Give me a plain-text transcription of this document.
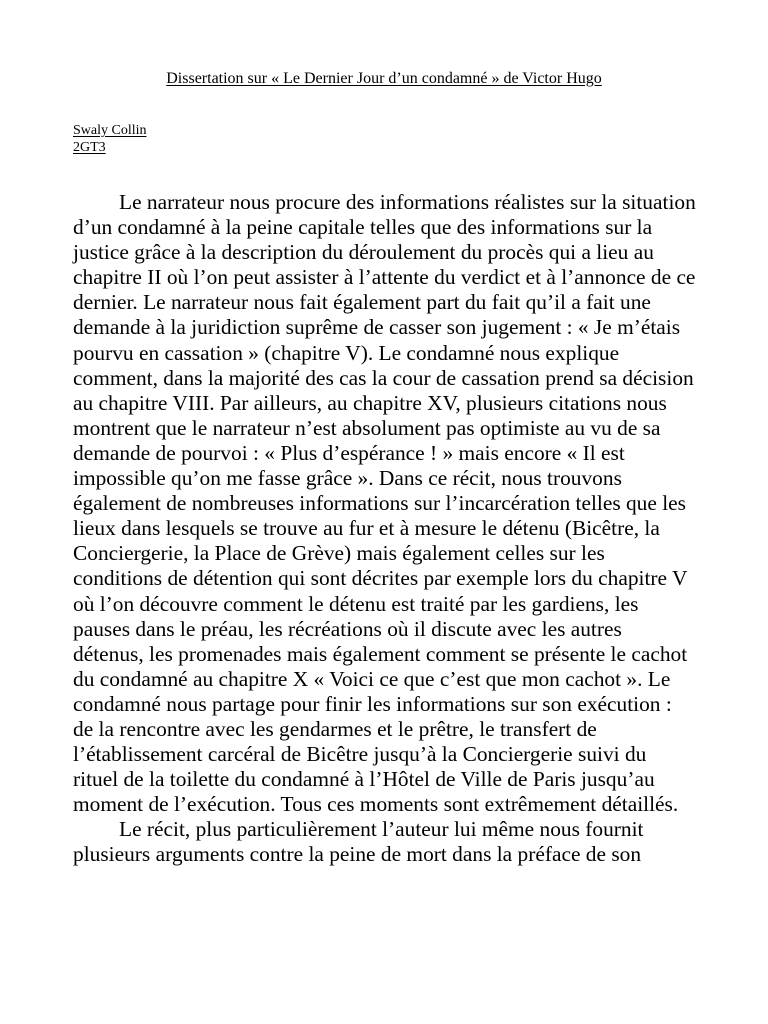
Dissertation sur « Le Dernier Jour d’un condamné » de Victor Hugo
Swaly Collin
2GT3

Le narrateur nous procure des informations réalistes sur la situation d’un condamné à la peine capitale telles que des informations sur la justice grâce à la description du déroulement du procès qui a lieu au chapitre II où l’on peut assister à l’attente du verdict et à l’annonce de ce dernier. Le narrateur nous fait également part du fait qu’il a fait une demande à la juridiction suprême de casser son jugement : « Je m’étais pourvu en cassation » (chapitre V). Le condamné nous explique comment, dans la majorité des cas la cour de cassation prend sa décision au chapitre VIII. Par ailleurs, au chapitre XV, plusieurs citations nous montrent que le narrateur n’est absolument pas optimiste au vu de sa demande de pourvoi : « Plus d’espérance ! » mais encore « Il est impossible qu’on me fasse grâce ». Dans ce récit, nous trouvons également de nombreuses informations sur l’incarcération telles que les lieux dans lesquels se trouve au fur et à mesure le détenu (Bicêtre, la Conciergerie, la Place de Grève) mais également celles sur les conditions de détention qui sont décrites par exemple lors du chapitre V où l’on découvre comment le détenu est traité par les gardiens, les pauses dans le préau, les récréations où il discute avec les autres détenus, les promenades mais également comment se présente le cachot du condamné au chapitre X « Voici ce que c’est que mon cachot ». Le condamné nous partage pour finir les informations sur son exécution : de la rencontre avec les gendarmes et le prêtre, le transfert de l’établissement carcéral de Bicêtre jusqu’à la Conciergerie suivi du rituel de la toilette du condamné à l’Hôtel de Ville de Paris jusqu’au moment de l’exécution. Tous ces moments sont extrêmement détaillés.

Le récit, plus particulièrement l’auteur lui même nous fournit plusieurs arguments contre la peine de mort dans la préface de son
